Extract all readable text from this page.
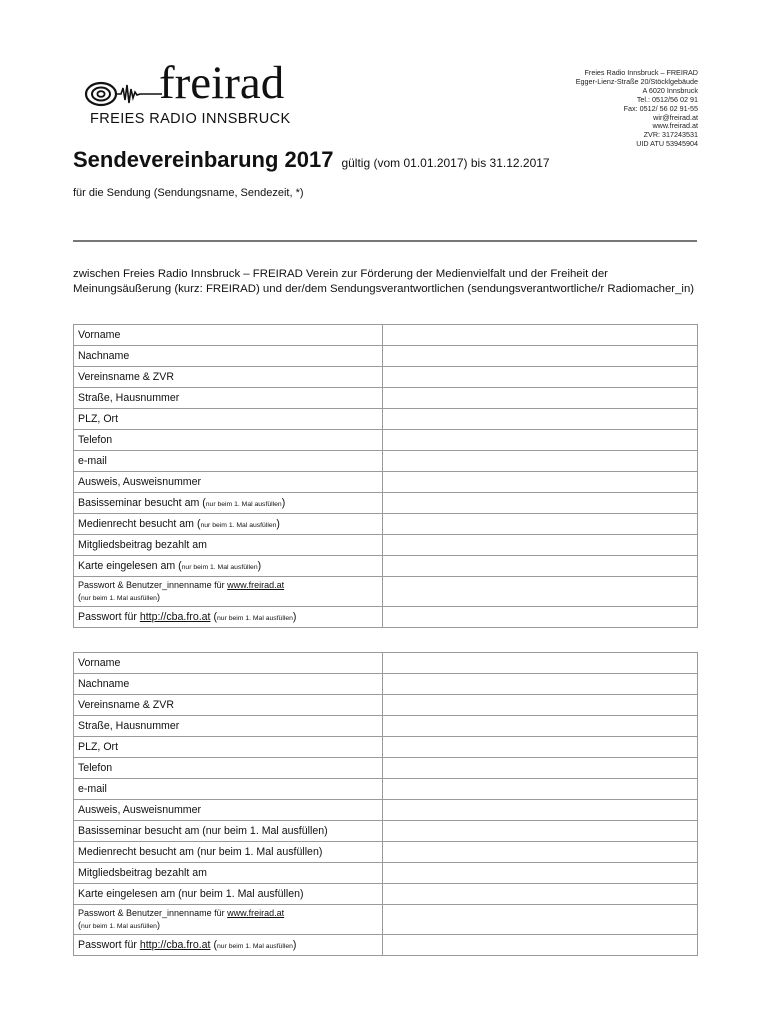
freirad
FREIES RADIO INNSBRUCK
Freies Radio Innsbruck – FREIRAD
Egger-Lienz-Straße 20/Stöcklgebäude
A 6020 Innsbruck
Tel.: 0512/56 02 91
Fax: 0512/ 56 02 91-55
wir@freirad.at
www.freirad.at
ZVR: 317243531
UID ATU 53945904
Sendevereinbarung 2017 gültig (vom 01.01.2017) bis 31.12.2017
für die Sendung (Sendungsname, Sendezeit, *)
zwischen Freies Radio Innsbruck – FREIRAD Verein zur Förderung der Medienvielfalt und der Freiheit der Meinungsäußerung (kurz: FREIRAD) und der/dem Sendungsverantwortlichen (sendungsverantwortliche/r Radiomacher_in)
Vorname	
Nachname	
Vereinsname & ZVR	
Straße, Hausnummer	
PLZ, Ort	
Telefon	
e-mail	
Ausweis, Ausweisnummer	
Basisseminar besucht am (nur beim 1. Mal ausfüllen)	
Medienrecht besucht am (nur beim 1. Mal ausfüllen)	
Mitgliedsbeitrag bezahlt am	
Karte eingelesen am (nur beim 1. Mal ausfüllen)	
Passwort & Benutzer_innenname für www.freirad.at
(nur beim 1. Mal ausfüllen)	
Passwort für http://cba.fro.at (nur beim 1. Mal ausfüllen)	
Vorname	
Nachname	
Vereinsname & ZVR	
Straße, Hausnummer	
PLZ, Ort	
Telefon	
e-mail	
Ausweis, Ausweisnummer	
Basisseminar besucht am (nur beim 1. Mal ausfüllen)	
Medienrecht besucht am (nur beim 1. Mal ausfüllen)	
Mitgliedsbeitrag bezahlt am	
Karte eingelesen am (nur beim 1. Mal ausfüllen)	
Passwort & Benutzer_innenname für www.freirad.at
(nur beim 1. Mal ausfüllen)	
Passwort für http://cba.fro.at (nur beim 1. Mal ausfüllen)	
